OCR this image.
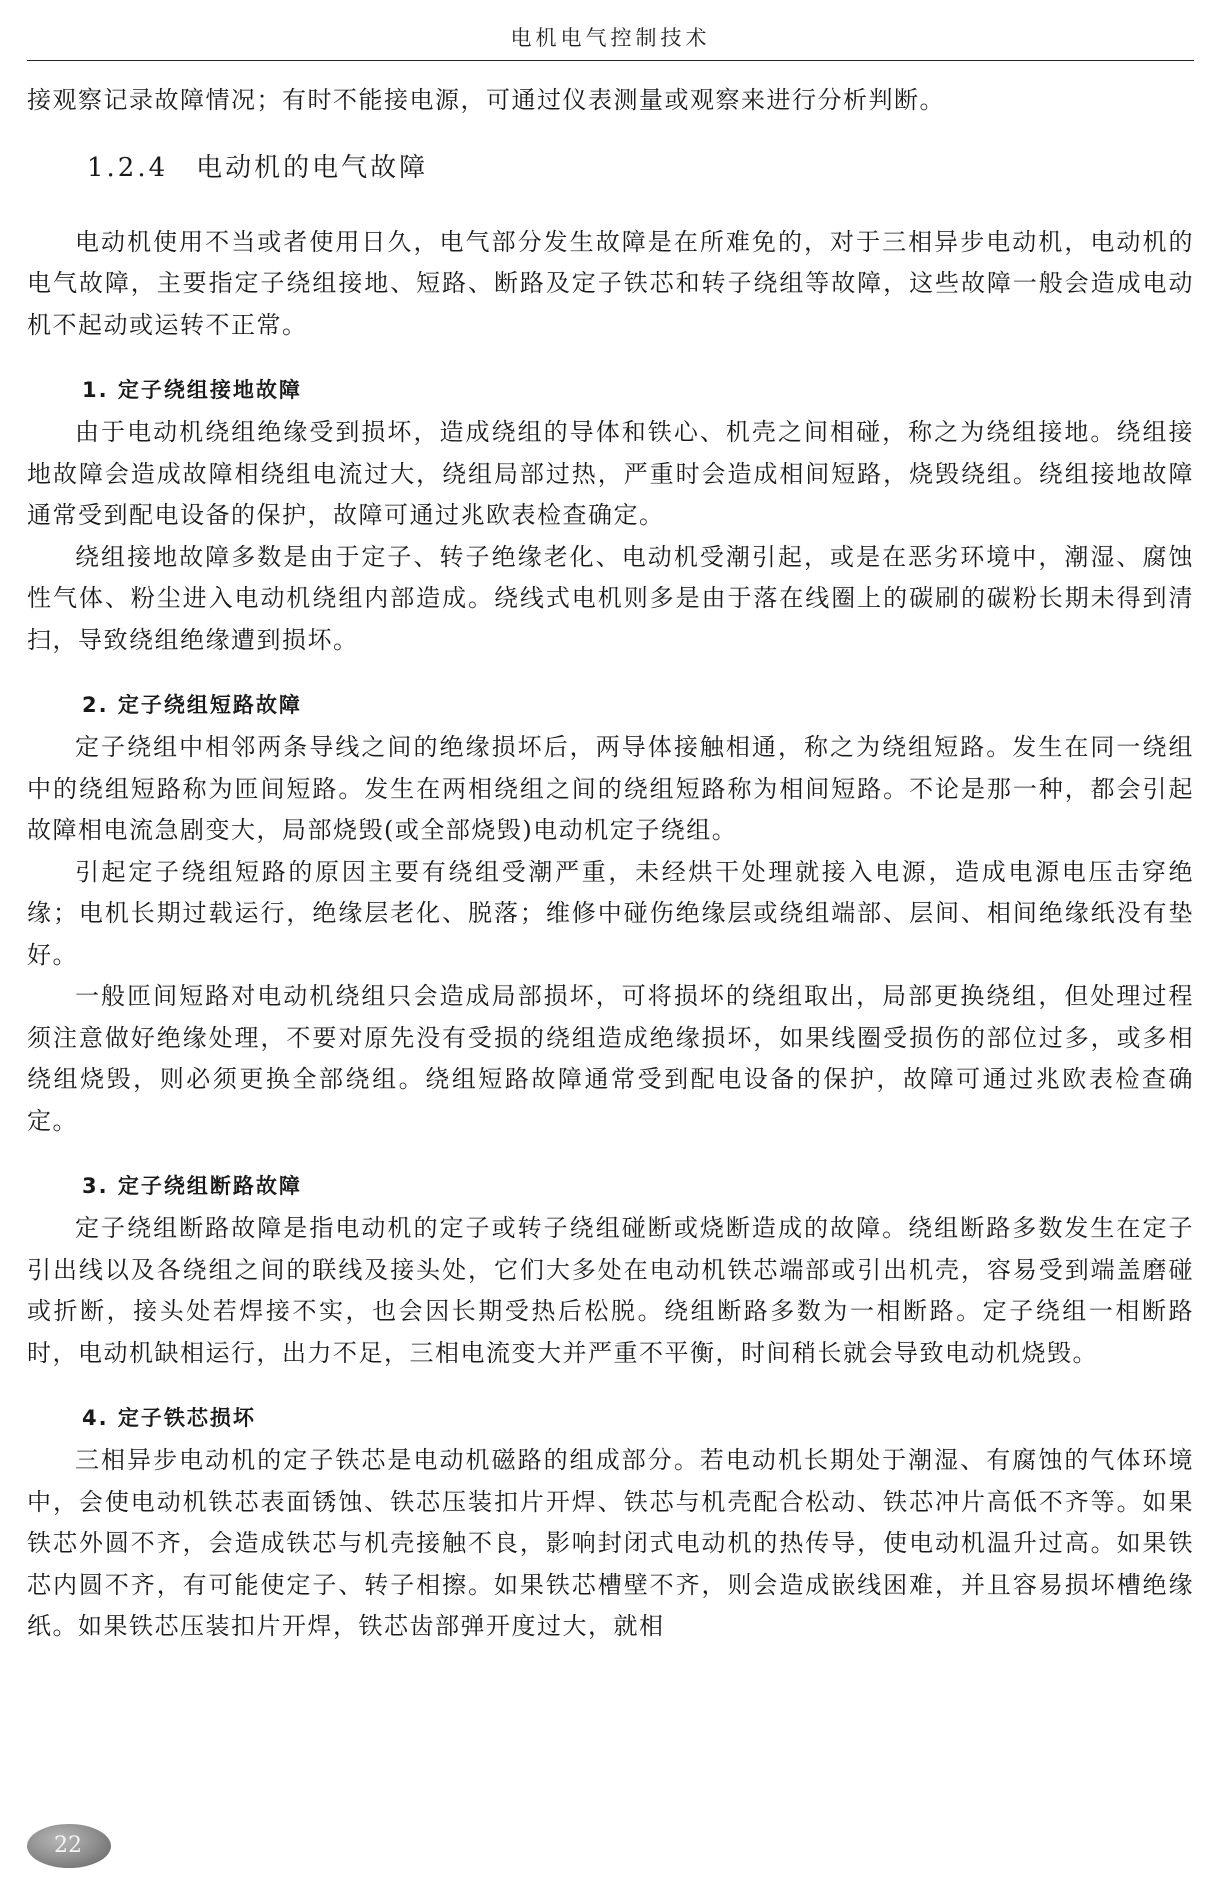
电机电气控制技术

接观察记录故障情况；有时不能接电源，可通过仪表测量或观察来进行分析判断。

1.2.4 电动机的电气故障

电动机使用不当或者使用日久，电气部分发生故障是在所难免的，对于三相异步电动机，电动机的电气故障，主要指定子绕组接地、短路、断路及定子铁芯和转子绕组等故障，这些故障一般会造成电动机不起动或运转不正常。

1. 定子绕组接地故障

由于电动机绕组绝缘受到损坏，造成绕组的导体和铁心、机壳之间相碰，称之为绕组接地。绕组接地故障会造成故障相绕组电流过大，绕组局部过热，严重时会造成相间短路，烧毁绕组。绕组接地故障通常受到配电设备的保护，故障可通过兆欧表检查确定。

绕组接地故障多数是由于定子、转子绝缘老化、电动机受潮引起，或是在恶劣环境中，潮湿、腐蚀性气体、粉尘进入电动机绕组内部造成。绕线式电机则多是由于落在线圈上的碳刷的碳粉长期未得到清扫，导致绕组绝缘遭到损坏。

2. 定子绕组短路故障

定子绕组中相邻两条导线之间的绝缘损坏后，两导体接触相通，称之为绕组短路。发生在同一绕组中的绕组短路称为匝间短路。发生在两相绕组之间的绕组短路称为相间短路。不论是那一种，都会引起故障相电流急剧变大，局部烧毁(或全部烧毁)电动机定子绕组。

引起定子绕组短路的原因主要有绕组受潮严重，未经烘干处理就接入电源，造成电源电压击穿绝缘；电机长期过载运行，绝缘层老化、脱落；维修中碰伤绝缘层或绕组端部、层间、相间绝缘纸没有垫好。

一般匝间短路对电动机绕组只会造成局部损坏，可将损坏的绕组取出，局部更换绕组，但处理过程须注意做好绝缘处理，不要对原先没有受损的绕组造成绝缘损坏，如果线圈受损伤的部位过多，或多相绕组烧毁，则必须更换全部绕组。绕组短路故障通常受到配电设备的保护，故障可通过兆欧表检查确定。

3. 定子绕组断路故障

定子绕组断路故障是指电动机的定子或转子绕组碰断或烧断造成的故障。绕组断路多数发生在定子引出线以及各绕组之间的联线及接头处，它们大多处在电动机铁芯端部或引出机壳，容易受到端盖磨碰或折断，接头处若焊接不实，也会因长期受热后松脱。绕组断路多数为一相断路。定子绕组一相断路时，电动机缺相运行，出力不足，三相电流变大并严重不平衡，时间稍长就会导致电动机烧毁。

4. 定子铁芯损坏

三相异步电动机的定子铁芯是电动机磁路的组成部分。若电动机长期处于潮湿、有腐蚀的气体环境中，会使电动机铁芯表面锈蚀、铁芯压装扣片开焊、铁芯与机壳配合松动、铁芯冲片高低不齐等。如果铁芯外圆不齐，会造成铁芯与机壳接触不良，影响封闭式电动机的热传导，使电动机温升过高。如果铁芯内圆不齐，有可能使定子、转子相擦。如果铁芯槽壁不齐，则会造成嵌线困难，并且容易损坏槽绝缘纸。如果铁芯压装扣片开焊，铁芯齿部弹开度过大，就相

22
